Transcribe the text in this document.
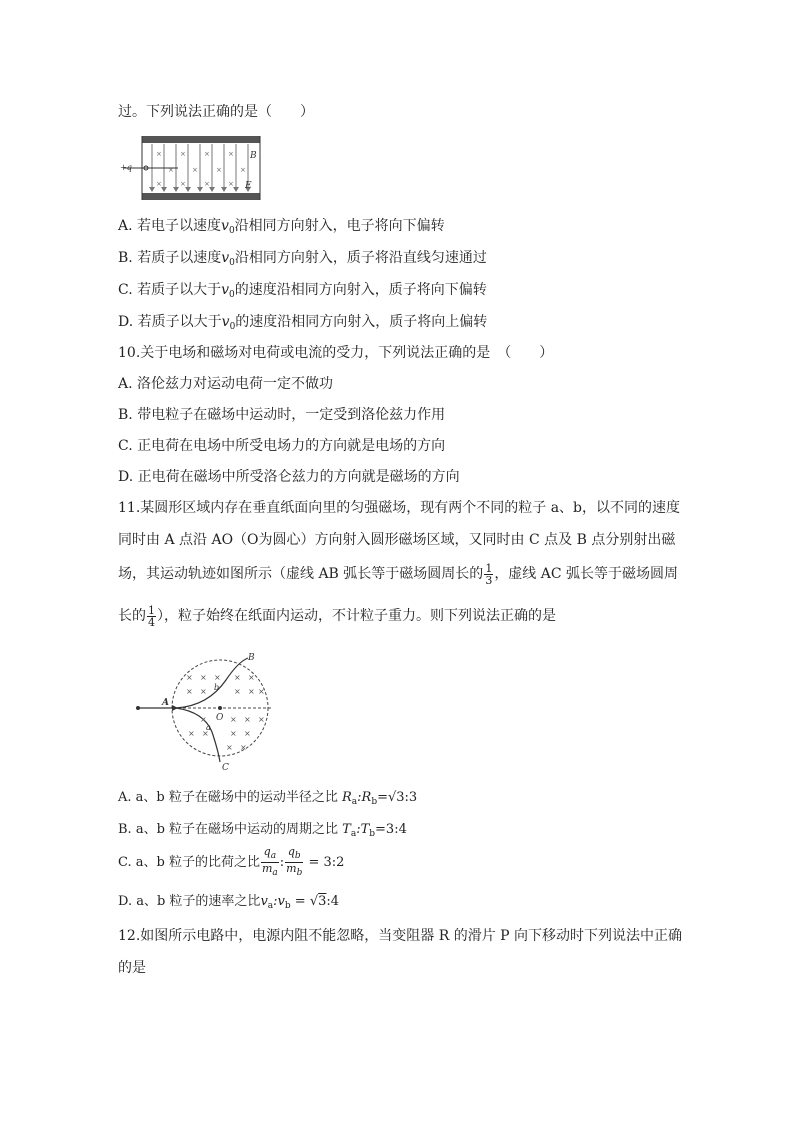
过。下列说法正确的是（　　）
×	×	×	×
×	×	×	×
×	×	×	×
+q
B
E
A. 若电子以速度$v_0$沿相同方向射入，电子将向下偏转
B. 若质子以速度$v_0$沿相同方向射入，质子将沿直线匀速通过
C. 若质子以大于$v_0$的速度沿相同方向射入，质子将向下偏转
D. 若质子以大于$v_0$的速度沿相同方向射入，质子将向上偏转
10.关于电场和磁场对电荷或电流的受力，下列说法正确的是　（　　）
A. 洛伦兹力对运动电荷一定不做功
B. 带电粒子在磁场中运动时，一定受到洛伦兹力作用
C. 正电荷在电场中所受电场力的方向就是电场的方向
D. 正电荷在磁场中所受洛仑兹力的方向就是磁场的方向
11.某圆形区域内存在垂直纸面向里的匀强磁场，现有两个不同的粒子 a、b，以不同的速度
同时由 A 点沿 AO（O为圆心）方向射入圆形磁场区域，又同时由 C 点及 B 点分别射出磁
场，其运动轨迹如图所示（虚线 AB 弧长等于磁场圆周长的 $\frac{1}{3}$ ，虚线 AC 弧长等于磁场圆周
长的 $\frac{1}{4}$ ），粒子始终在纸面内运动，不计粒子重力。则下列说法正确的是
× × × × ×
× ×	× × ×
×	× × ×
× ×	× ×
× ×
A
B
C
O
a
b
A. a、b 粒子在磁场中的运动半径之比 $R_a:R_b=√3:3$
B. a、b 粒子在磁场中运动的周期之比 $T_a:T_b=3:4$
C. a、b 粒子的比荷之比 $\frac{q_a}{m_a}$ : $\frac{q_b}{m_b}$ = 3:2
D. a、b 粒子的速率之比$v_a:v_b$ = √3:4
12.如图所示电路中，电源内阻不能忽略，当变阻器 R 的滑片 P 向下移动时下列说法中正确
的是
